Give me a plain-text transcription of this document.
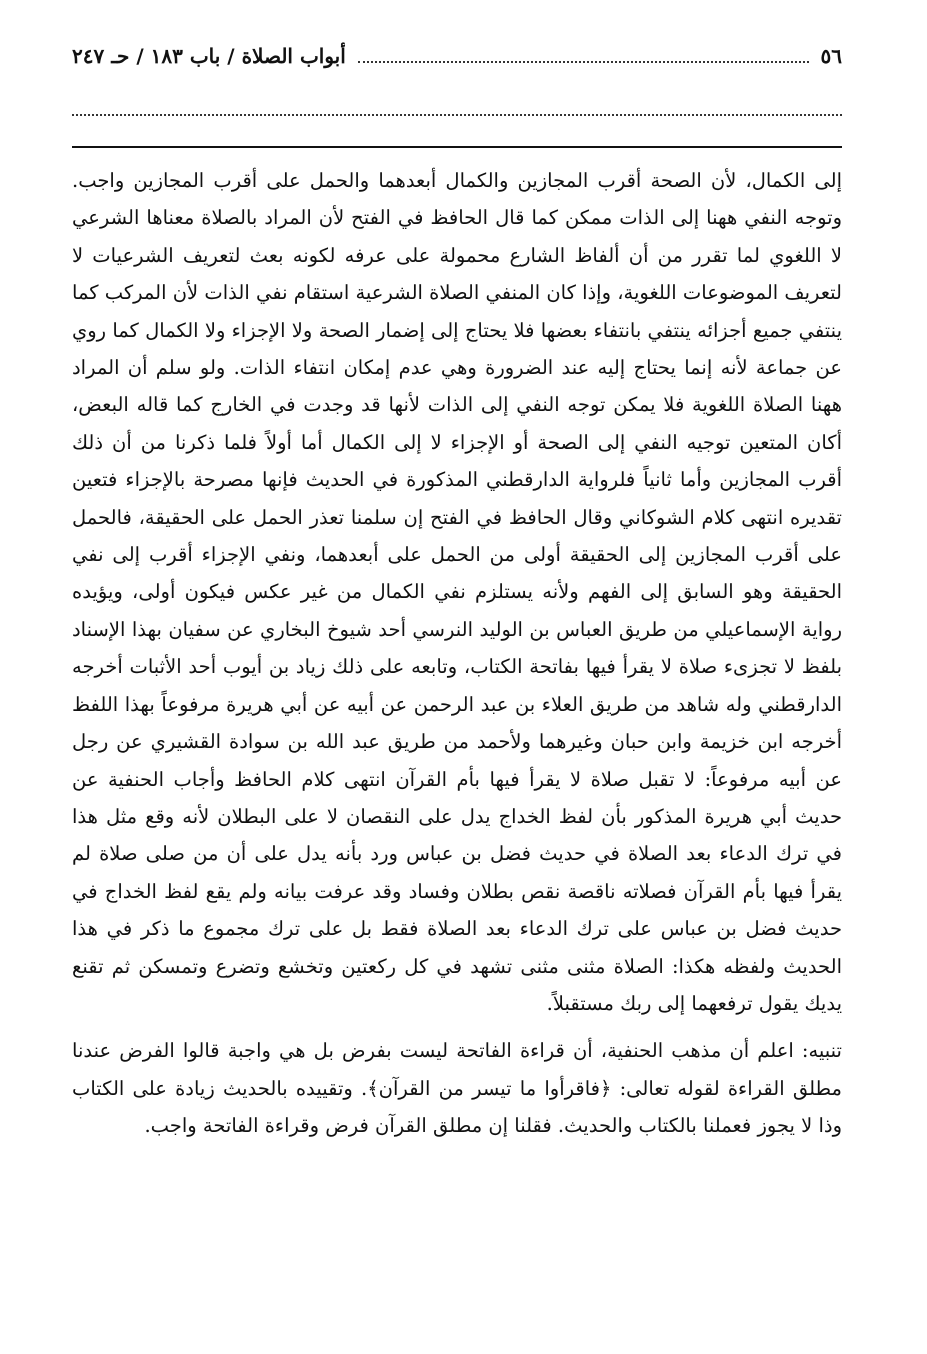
٥٦
أبواب الصلاة / باب ١٨٣ / حـ ٢٤٧

إلى الكمال، لأن الصحة أقرب المجازين والكمال أبعدهما والحمل على أقرب المجازين واجب. وتوجه النفي ههنا إلى الذات ممكن كما قال الحافظ في الفتح لأن المراد بالصلاة معناها الشرعي لا اللغوي لما تقرر من أن ألفاظ الشارع محمولة على عرفه لكونه بعث لتعريف الشرعيات لا لتعريف الموضوعات اللغوية، وإذا كان المنفي الصلاة الشرعية استقام نفي الذات لأن المركب كما ينتفي جميع أجزائه ينتفي بانتفاء بعضها فلا يحتاج إلى إضمار الصحة ولا الإجزاء ولا الكمال كما روي عن جماعة لأنه إنما يحتاج إليه عند الضرورة وهي عدم إمكان انتفاء الذات. ولو سلم أن المراد ههنا الصلاة اللغوية فلا يمكن توجه النفي إلى الذات لأنها قد وجدت في الخارج كما قاله البعض، أكان المتعين توجيه النفي إلى الصحة أو الإجزاء لا إلى الكمال أما أولاً فلما ذكرنا من أن ذلك أقرب المجازين وأما ثانياً فلرواية الدارقطني المذكورة في الحديث فإنها مصرحة بالإجزاء فتعين تقديره انتهى كلام الشوكاني وقال الحافظ في الفتح إن سلمنا تعذر الحمل على الحقيقة، فالحمل على أقرب المجازين إلى الحقيقة أولى من الحمل على أبعدهما، ونفي الإجزاء أقرب إلى نفي الحقيقة وهو السابق إلى الفهم ولأنه يستلزم نفي الكمال من غير عكس فيكون أولى، ويؤيده رواية الإسماعيلي من طريق العباس بن الوليد النرسي أحد شيوخ البخاري عن سفيان بهذا الإسناد بلفظ لا تجزىء صلاة لا يقرأ فيها بفاتحة الكتاب، وتابعه على ذلك زياد بن أيوب أحد الأثبات أخرجه الدارقطني وله شاهد من طريق العلاء بن عبد الرحمن عن أبيه عن أبي هريرة مرفوعاً بهذا اللفظ أخرجه ابن خزيمة وابن حبان وغيرهما ولأحمد من طريق عبد الله بن سوادة القشيري عن رجل عن أبيه مرفوعاً: لا تقبل صلاة لا يقرأ فيها بأم القرآن انتهى كلام الحافظ وأجاب الحنفية عن حديث أبي هريرة المذكور بأن لفظ الخداج يدل على النقصان لا على البطلان لأنه وقع مثل هذا في ترك الدعاء بعد الصلاة في حديث فضل بن عباس ورد بأنه يدل على أن من صلى صلاة لم يقرأ فيها بأم القرآن فصلاته ناقصة نقص بطلان وفساد وقد عرفت بيانه ولم يقع لفظ الخداج في حديث فضل بن عباس على ترك الدعاء بعد الصلاة فقط بل على ترك مجموع ما ذكر في هذا الحديث ولفظه هكذا: الصلاة مثنى مثنى تشهد في كل ركعتين وتخشع وتضرع وتمسكن ثم تقنع يديك يقول ترفعهما إلى ربك مستقبلاً.

تنبيه: اعلم أن مذهب الحنفية، أن قراءة الفاتحة ليست بفرض بل هي واجبة قالوا الفرض عندنا مطلق القراءة لقوله تعالى: ﴿فاقرأوا ما تيسر من القرآن﴾. وتقييده بالحديث زيادة على الكتاب وذا لا يجوز فعملنا بالكتاب والحديث. فقلنا إن مطلق القرآن فرض وقراءة الفاتحة واجب.
